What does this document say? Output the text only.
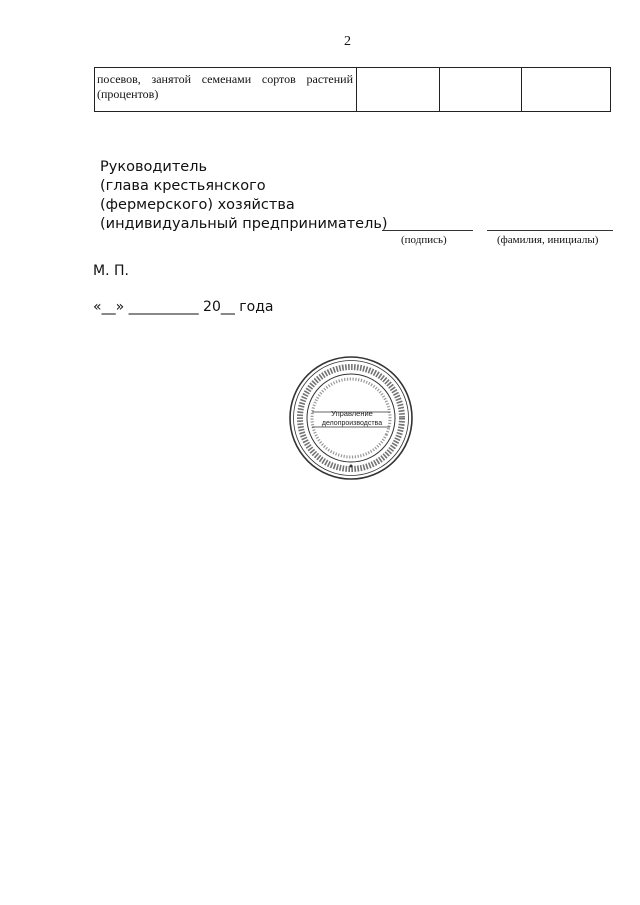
2
посевов, занятой семенами сортов растений (процентов)
Руководитель
(глава крестьянского
(фермерского) хозяйства
(индивидуальный предприниматель)
(подпись)	(фамилия, инициалы)
М. П.
«__» __________ 20__ года
Управление
делопроизводства
